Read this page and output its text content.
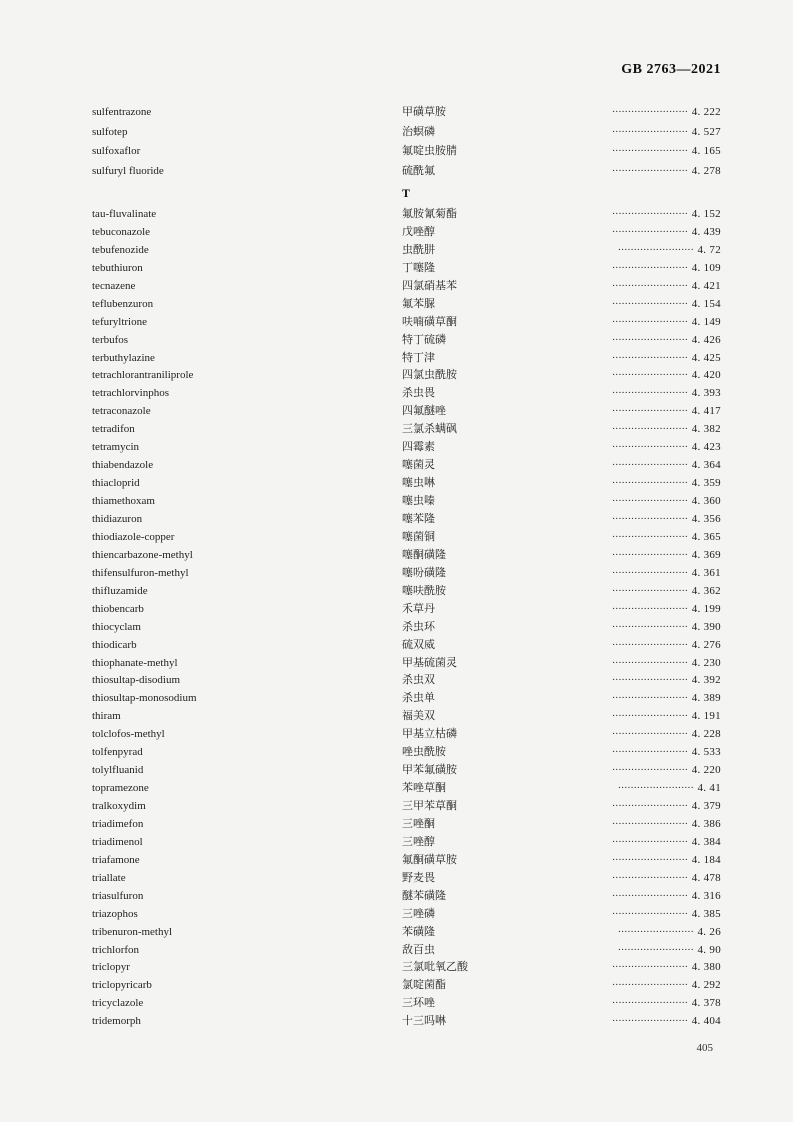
GB 2763—2021
sulfentrazone	甲磺草胺	····· 4. 222
sulfotep	治螟磷	····· 4. 527
sulfoxaflor	氟啶虫胺腈	····· 4. 165
sulfuryl fluoride	硫酰氟	····· 4. 278
tau-fluvalinate	氟胺氰菊酯	····· 4. 152
tebuconazole	戊唑醇	····· 4. 439
tebufenozide	虫酰肼	····· 4. 72
tebuthiuron	丁噻隆	····· 4. 109
tecnazene	四氯硝基苯	····· 4. 421
teflubenzuron	氟苯脲	····· 4. 154
tefuryltrione	呋喃磺草酮	····· 4. 149
terbufos	特丁硫磷	····· 4. 426
terbuthylazine	特丁津	····· 4. 425
tetrachlorantraniliprole	四氯虫酰胺	····· 4. 420
tetrachlorvinphos	杀虫畏	····· 4. 393
tetraconazole	四氟醚唑	····· 4. 417
tetradifon	三氯杀螨砜	····· 4. 382
tetramycin	四霉素	····· 4. 423
thiabendazole	噻菌灵	····· 4. 364
thiacloprid	噻虫啉	····· 4. 359
thiamethoxam	噻虫嗪	····· 4. 360
thidiazuron	噻苯隆	····· 4. 356
thiodiazole-copper	噻菌铜	····· 4. 365
thiencarbazone-methyl	噻酮磺隆	····· 4. 369
thifensulfuron-methyl	噻吩磺隆	····· 4. 361
thifluzamide	噻呋酰胺	····· 4. 362
thiobencarb	禾草丹	····· 4. 199
thiocyclam	杀虫环	····· 4. 390
thiodicarb	硫双威	····· 4. 276
thiophanate-methyl	甲基硫菌灵	····· 4. 230
thiosultap-disodium	杀虫双	····· 4. 392
thiosultap-monosodium	杀虫单	····· 4. 389
thiram	福美双	····· 4. 191
tolclofos-methyl	甲基立枯磷	····· 4. 228
tolfenpyrad	唑虫酰胺	····· 4. 533
tolylfluanid	甲苯氟磺胺	····· 4. 220
topramezone	苯唑草酮	····· 4. 41
tralkoxydim	三甲苯草酮	····· 4. 379
triadimefon	三唑酮	····· 4. 386
triadimenol	三唑醇	····· 4. 384
triafamone	氟酮磺草胺	····· 4. 184
triallate	野麦畏	····· 4. 478
triasulfuron	醚苯磺隆	····· 4. 316
triazophos	三唑磷	····· 4. 385
tribenuron-methyl	苯磺隆	····· 4. 26
trichlorfon	敌百虫	····· 4. 90
triclopyr	三氯吡氧乙酸	····· 4. 380
triclopyricarb	氯啶菌酯	····· 4. 292
tricyclazole	三环唑	····· 4. 378
tridemorph	十三吗啉	····· 4. 404
T
405
